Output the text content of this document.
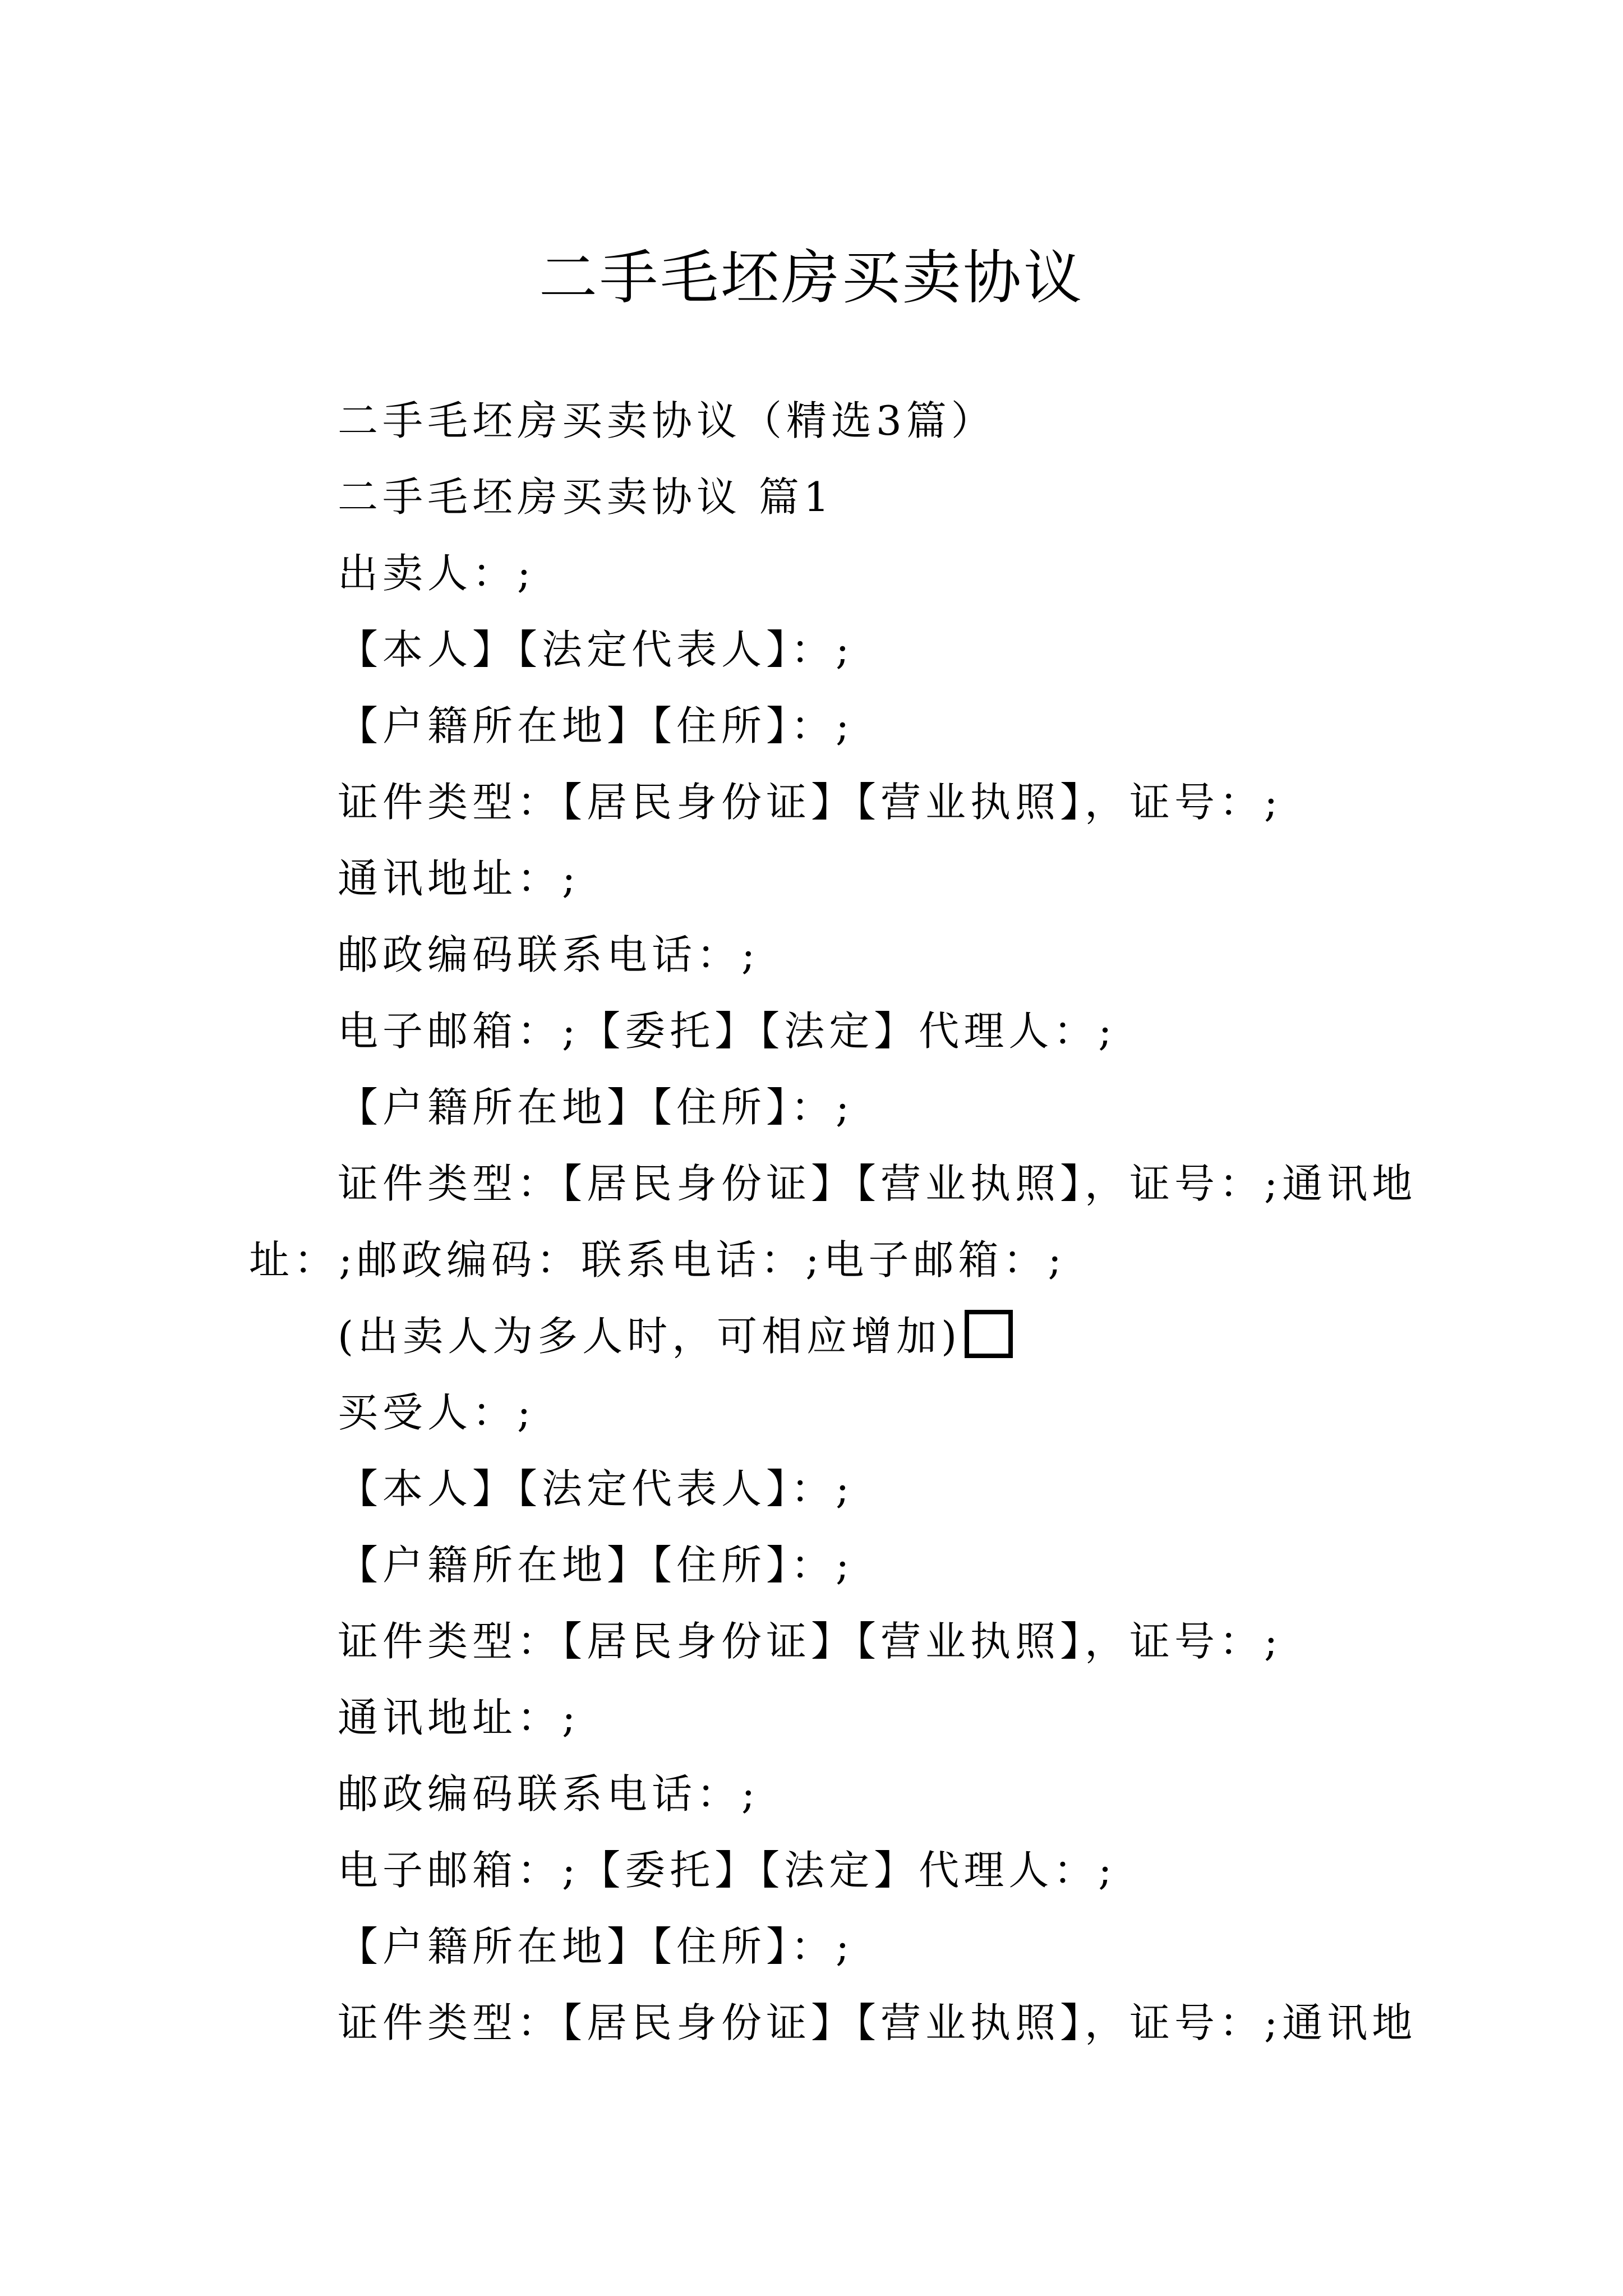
二手毛坯房买卖协议
二手毛坯房买卖协议（精选3篇）
二手毛坯房买卖协议 篇1
出卖人：;
【本人】【法定代表人】：;
【户籍所在地】【住所】：;
证件类型：【居民身份证】【营业执照】，证号：;
通讯地址：;
邮政编码联系电话：;
电子邮箱：;【委托】【法定】代理人：;
【户籍所在地】【住所】：;
证件类型：【居民身份证】【营业执照】，证号：;通讯地
址：;邮政编码：联系电话：;电子邮箱：;
(出卖人为多人时，可相应增加)
买受人：;
【本人】【法定代表人】：;
【户籍所在地】【住所】：;
证件类型：【居民身份证】【营业执照】，证号：;
通讯地址：;
邮政编码联系电话：;
电子邮箱：;【委托】【法定】代理人：;
【户籍所在地】【住所】：;
证件类型：【居民身份证】【营业执照】，证号：;通讯地
